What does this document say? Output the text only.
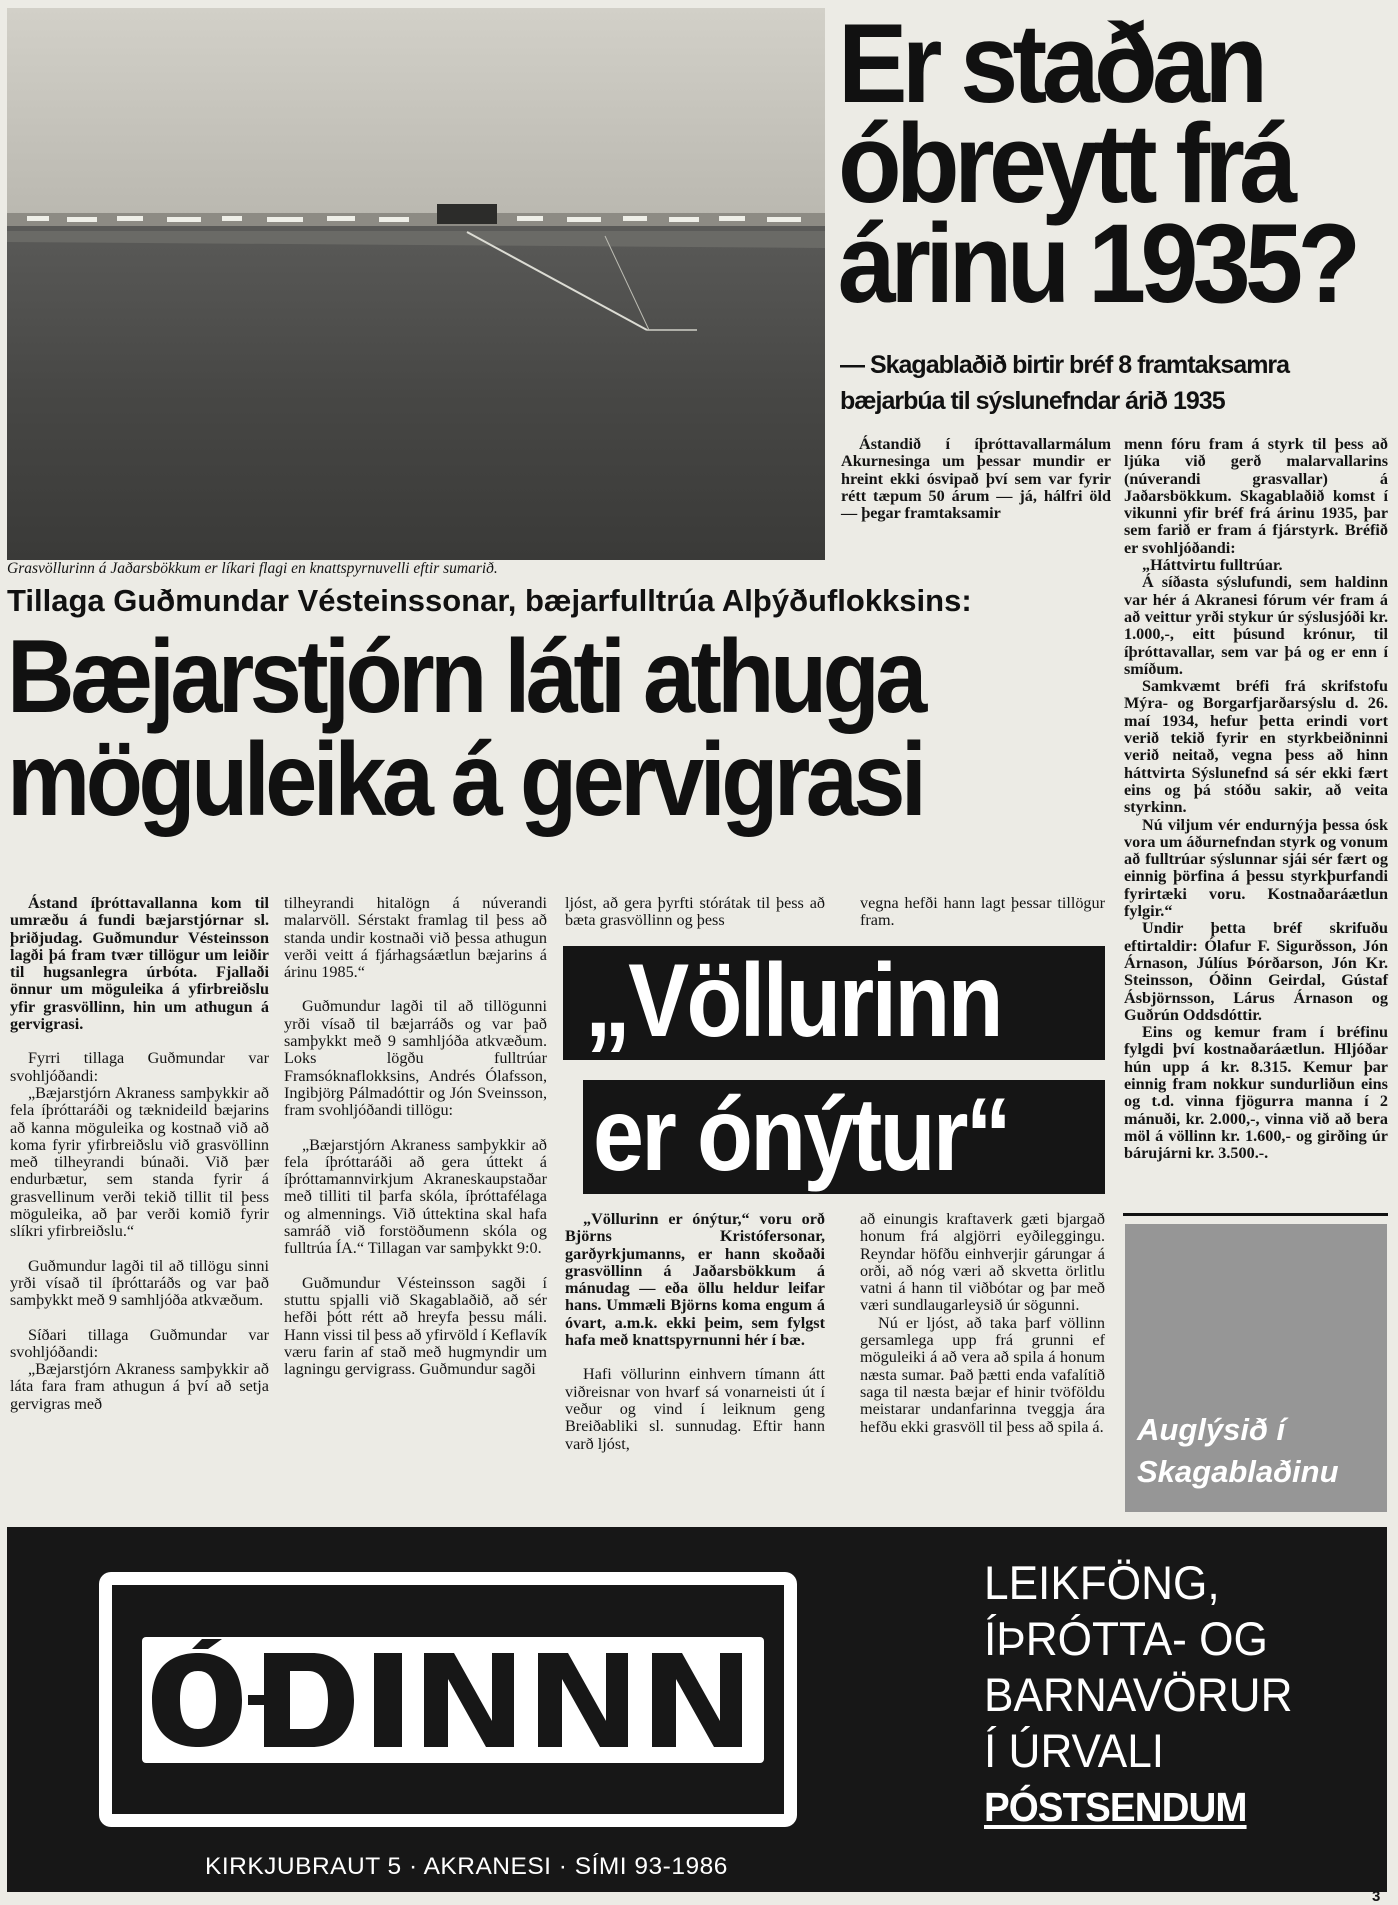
Grasvöllurinn á Jaðarsbökkum er líkari flagi en knattspyrnuvelli eftir sumarið.
Er staðan
óbreytt frá
árinu 1935?
— Skagablaðið birtir bréf 8 framtaksamra bæjarbúa til sýslunefndar árið 1935

Ástandið í íþróttavallarmálum Akurnesinga um þessar mundir er hreint ekki ósvipað því sem var fyrir rétt tæpum 50 árum — já, hálfri öld — þegar framtaksamir

menn fóru fram á styrk til þess að ljúka við gerð malarvallarins (núverandi grasvallar) á Jaðarsbökkum. Skagablaðið komst í vikunni yfir bréf frá árinu 1935, þar sem farið er fram á fjárstyrk. Bréfið er svohljóðandi:

„Háttvirtu fulltrúar.

Á síðasta sýslufundi, sem haldinn var hér á Akranesi fórum vér fram á að veittur yrði stykur úr sýslusjóði kr. 1.000,-, eitt þúsund krónur, til íþróttavallar, sem var þá og er enn í smíðum.

Samkvæmt bréfi frá skrifstofu Mýra- og Borgarfjarðarsýslu d. 26. maí 1934, hefur þetta erindi vort verið tekið fyrir en styrkbeiðninni verið neitað, vegna þess að hinn háttvirta Sýslunefnd sá sér ekki fært eins og þá stóðu sakir, að veita styrkinn.

Nú viljum vér endurnýja þessa ósk vora um áðurnefndan styrk og vonum að fulltrúar sýslunnar sjái sér fært og einnig þörfina á þessu styrkþurfandi fyrirtæki voru. Kostnaðaráætlun fylgir.“

Undir þetta bréf skrifuðu eftirtaldir: Ólafur F. Sigurðsson, Jón Árnason, Júlíus Þórðarson, Jón Kr. Steinsson, Óðinn Geirdal, Gústaf Ásbjörnsson, Lárus Árnason og Guðrún Oddsdóttir.

Eins og kemur fram í bréfinu fylgdi því kostnaðaráætlun. Hljóðar hún upp á kr. 8.315. Kemur þar einnig fram nokkur sundurliðun eins og t.d. vinna fjögurra manna í 2 mánuði, kr. 2.000,-, vinna við að bera möl á völlinn kr. 1.600,- og girðing úr bárujárni kr. 3.500.-.

Tillaga Guðmundar Vésteinssonar, bæjarfulltrúa Alþýðuflokksins:
Bæjarstjórn láti athuga
möguleika á gervigrasi

Ástand íþróttavallanna kom til umræðu á fundi bæjarstjórnar sl. þriðjudag. Guðmundur Vésteinsson lagði þá fram tvær tillögur um leiðir til hugsanlegra úrbóta. Fjallaði önnur um möguleika á yfirbreiðslu yfir grasvöllinn, hin um athugun á gervigrasi.

Fyrri tillaga Guðmundar var svohljóðandi:

„Bæjarstjórn Akraness samþykkir að fela íþróttaráði og tæknideild bæjarins að kanna möguleika og kostnað við að koma fyrir yfirbreiðslu við grasvöllinn með tilheyrandi búnaði. Við þær endurbætur, sem standa fyrir á grasvellinum verði tekið tillit til þess möguleika, að þar verði komið fyrir slíkri yfirbreiðslu.“

Guðmundur lagði til að tillögu sinni yrði vísað til íþróttaráðs og var það samþykkt með 9 samhljóða atkvæðum.

Síðari tillaga Guðmundar var svohljóðandi:

„Bæjarstjórn Akraness samþykkir að láta fara fram athugun á því að setja gervigras með

tilheyrandi hitalögn á núverandi malarvöll. Sérstakt framlag til þess að standa undir kostnaði við þessa athugun verði veitt á fjárhagsáætlun bæjarins á árinu 1985.“

Guðmundur lagði til að tillögunni yrði vísað til bæjarráðs og var það samþykkt með 9 samhljóða atkvæðum. Loks lögðu fulltrúar Framsóknaflokksins, Andrés Ólafsson, Ingibjörg Pálmadóttir og Jón Sveinsson, fram svohljóðandi tillögu:

„Bæjarstjórn Akraness samþykkir að fela íþróttaráði að gera úttekt á íþróttamannvirkjum Akraneskaupstaðar með tilliti til þarfa skóla, íþróttafélaga og almennings. Við úttektina skal hafa samráð við forstöðumenn skóla og fulltrúa ÍA.“ Tillagan var samþykkt 9:0.

Guðmundur Vésteinsson sagði í stuttu spjalli við Skagablaðið, að sér hefði þótt rétt að hreyfa þessu máli. Hann vissi til þess að yfirvöld í Keflavík væru farin af stað með hugmyndir um lagningu gervigrass. Guðmundur sagði

ljóst, að gera þyrfti stórátak til þess að bæta grasvöllinn og þess

vegna hefði hann lagt þessar tillögur fram.

„Völlurinn
er ónýtur“

„Völlurinn er ónýtur,“ voru orð Björns Kristófersonar, garðyrkjumanns, er hann skoðaði grasvöllinn á Jaðarsbökkum á mánudag — eða öllu heldur leifar hans. Ummæli Björns koma engum á óvart, a.m.k. ekki þeim, sem fylgst hafa með knattspyrnunni hér í bæ.

Hafi völlurinn einhvern tímann átt viðreisnar von hvarf sá vonarneisti út í veður og vind í leiknum geng Breiðabliki sl. sunnudag. Eftir hann varð ljóst,

að einungis kraftaverk gæti bjargað honum frá algjörri eyðileggingu. Reyndar höfðu einhverjir gárungar á orði, að nóg væri að skvetta örlitlu vatni á hann til viðbótar og þar með væri sundlaugarleysið úr sögunni.

Nú er ljóst, að taka þarf völlinn gersamlega upp frá grunni ef möguleiki á að vera að spila á honum næsta sumar. Það þætti enda vafalítið saga til næsta bæjar ef hinir tvöföldu meistarar undanfarinna tveggja ára hefðu ekki grasvöll til þess að spila á. Auglýsið í
Skagablaðinu
KIRKJUBRAUT 5 · AKRANESI · SÍMI 93-1986
LEIKFÖNG,
ÍÞRÓTTA- OG
BARNAVÖRUR
Í ÚRVALI
PÓSTSENDUM
3
